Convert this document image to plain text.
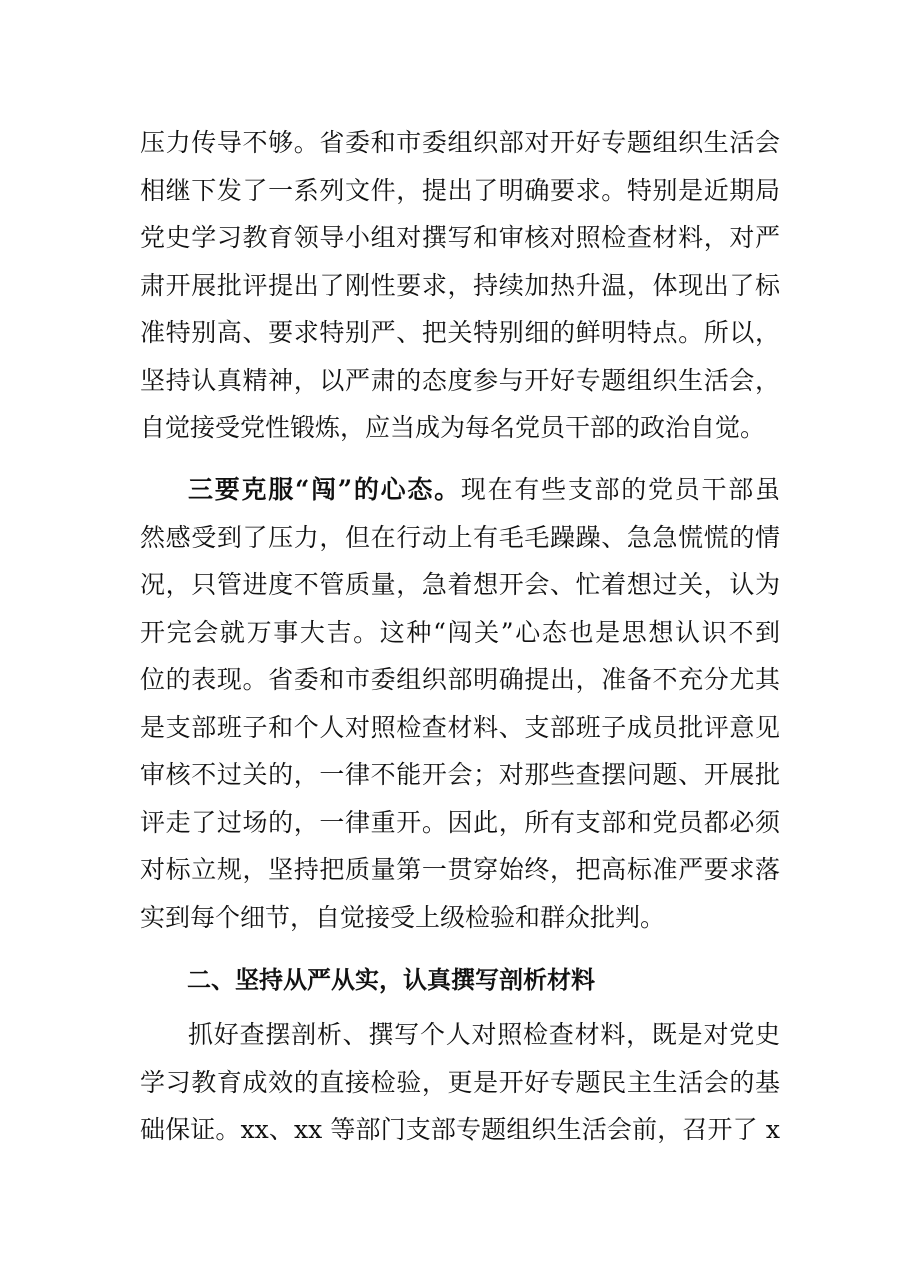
压力传导不够。省委和市委组织部对开好专题组织生活会
相继下发了一系列文件，提出了明确要求。特别是近期局
党史学习教育领导小组对撰写和审核对照检查材料，对严
肃开展批评提出了刚性要求，持续加热升温，体现出了标
准特别高、要求特别严、把关特别细的鲜明特点。所以，
坚持认真精神，以严肃的态度参与开好专题组织生活会，
自觉接受党性锻炼，应当成为每名党员干部的政治自觉。
三要克服“闯”的心态。现在有些支部的党员干部虽
然感受到了压力，但在行动上有毛毛躁躁、急急慌慌的情
况，只管进度不管质量，急着想开会、忙着想过关，认为
开完会就万事大吉。这种“闯关”心态也是思想认识不到
位的表现。省委和市委组织部明确提出，准备不充分尤其
是支部班子和个人对照检查材料、支部班子成员批评意见
审核不过关的，一律不能开会；对那些查摆问题、开展批
评走了过场的，一律重开。因此，所有支部和党员都必须
对标立规，坚持把质量第一贯穿始终，把高标准严要求落
实到每个细节，自觉接受上级检验和群众批判。
二、坚持从严从实，认真撰写剖析材料
抓好查摆剖析、撰写个人对照检查材料，既是对党史
学习教育成效的直接检验，更是开好专题民主生活会的基
础保证。xx、xx 等部门支部专题组织生活会前，召开了 x
